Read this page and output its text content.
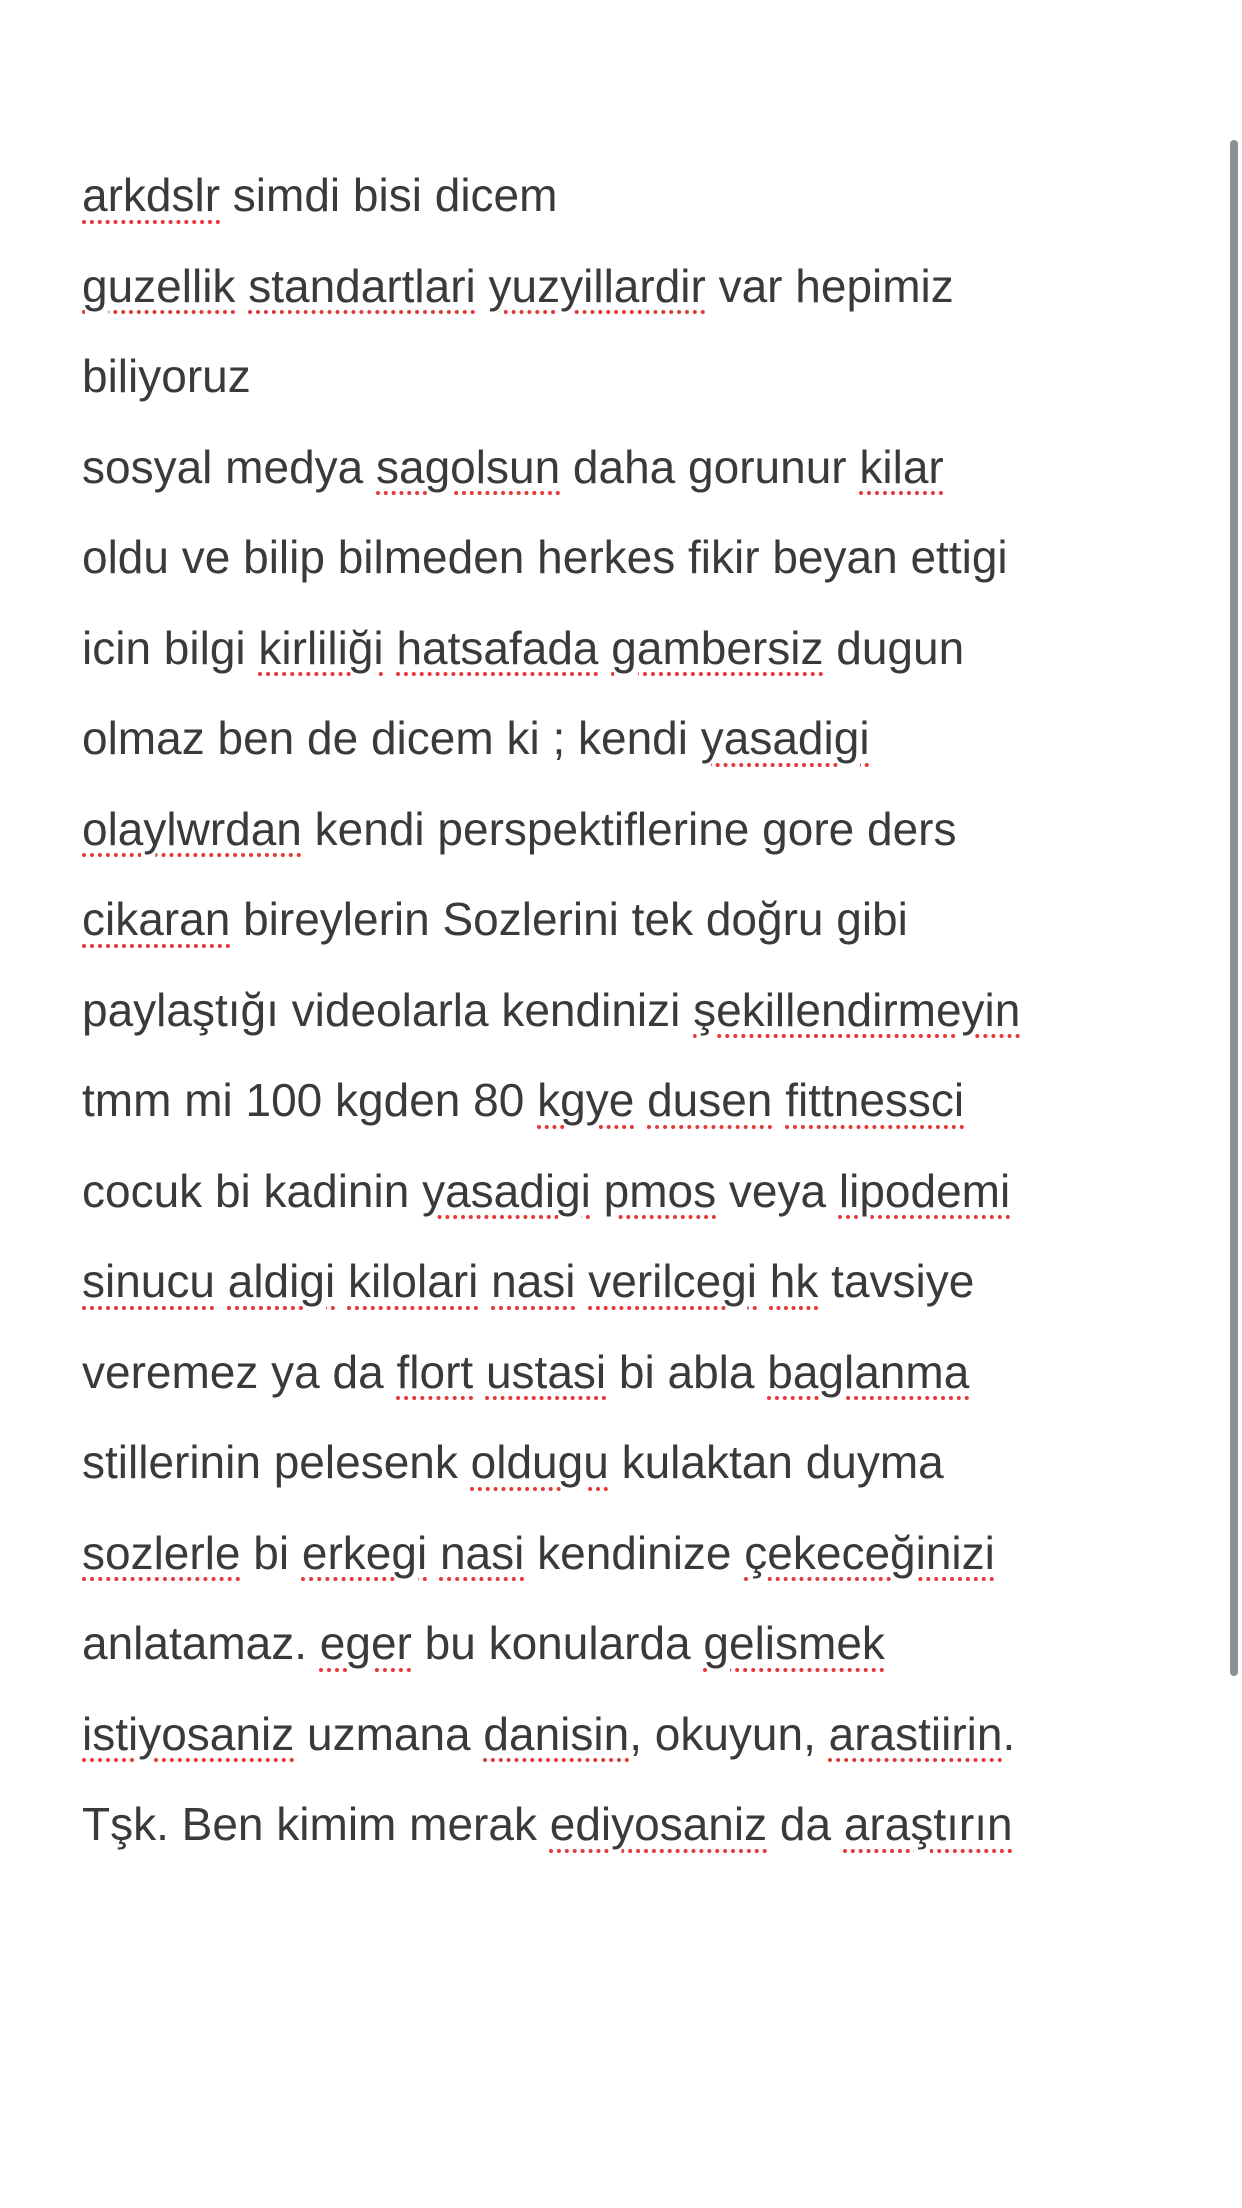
arkdslr simdi bisi dicem
guzellik standartlari yuzyillardir var hepimiz
biliyoruz
sosyal medya sagolsun daha gorunur kilar
oldu ve bilip bilmeden herkes fikir beyan ettigi
icin bilgi kirliliği hatsafada gambersiz dugun
olmaz ben de dicem ki ; kendi yasadigi
olaylwrdan kendi perspektiflerine gore ders
cikaran bireylerin Sozlerini tek doğru gibi
paylaştığı videolarla kendinizi şekillendirmeyin
tmm mi 100 kgden 80 kgye dusen fittnessci
cocuk bi kadinin yasadigi pmos veya lipodemi
sinucu aldigi kilolari nasi verilcegi hk tavsiye
veremez ya da flort ustasi bi abla baglanma
stillerinin pelesenk oldugu kulaktan duyma
sozlerle bi erkegi nasi kendinize çekeceğinizi
anlatamaz. eger bu konularda gelismek
istiyosaniz uzmana danisin, okuyun, arastiirin.
Tşk. Ben kimim merak ediyosaniz da araştırın
